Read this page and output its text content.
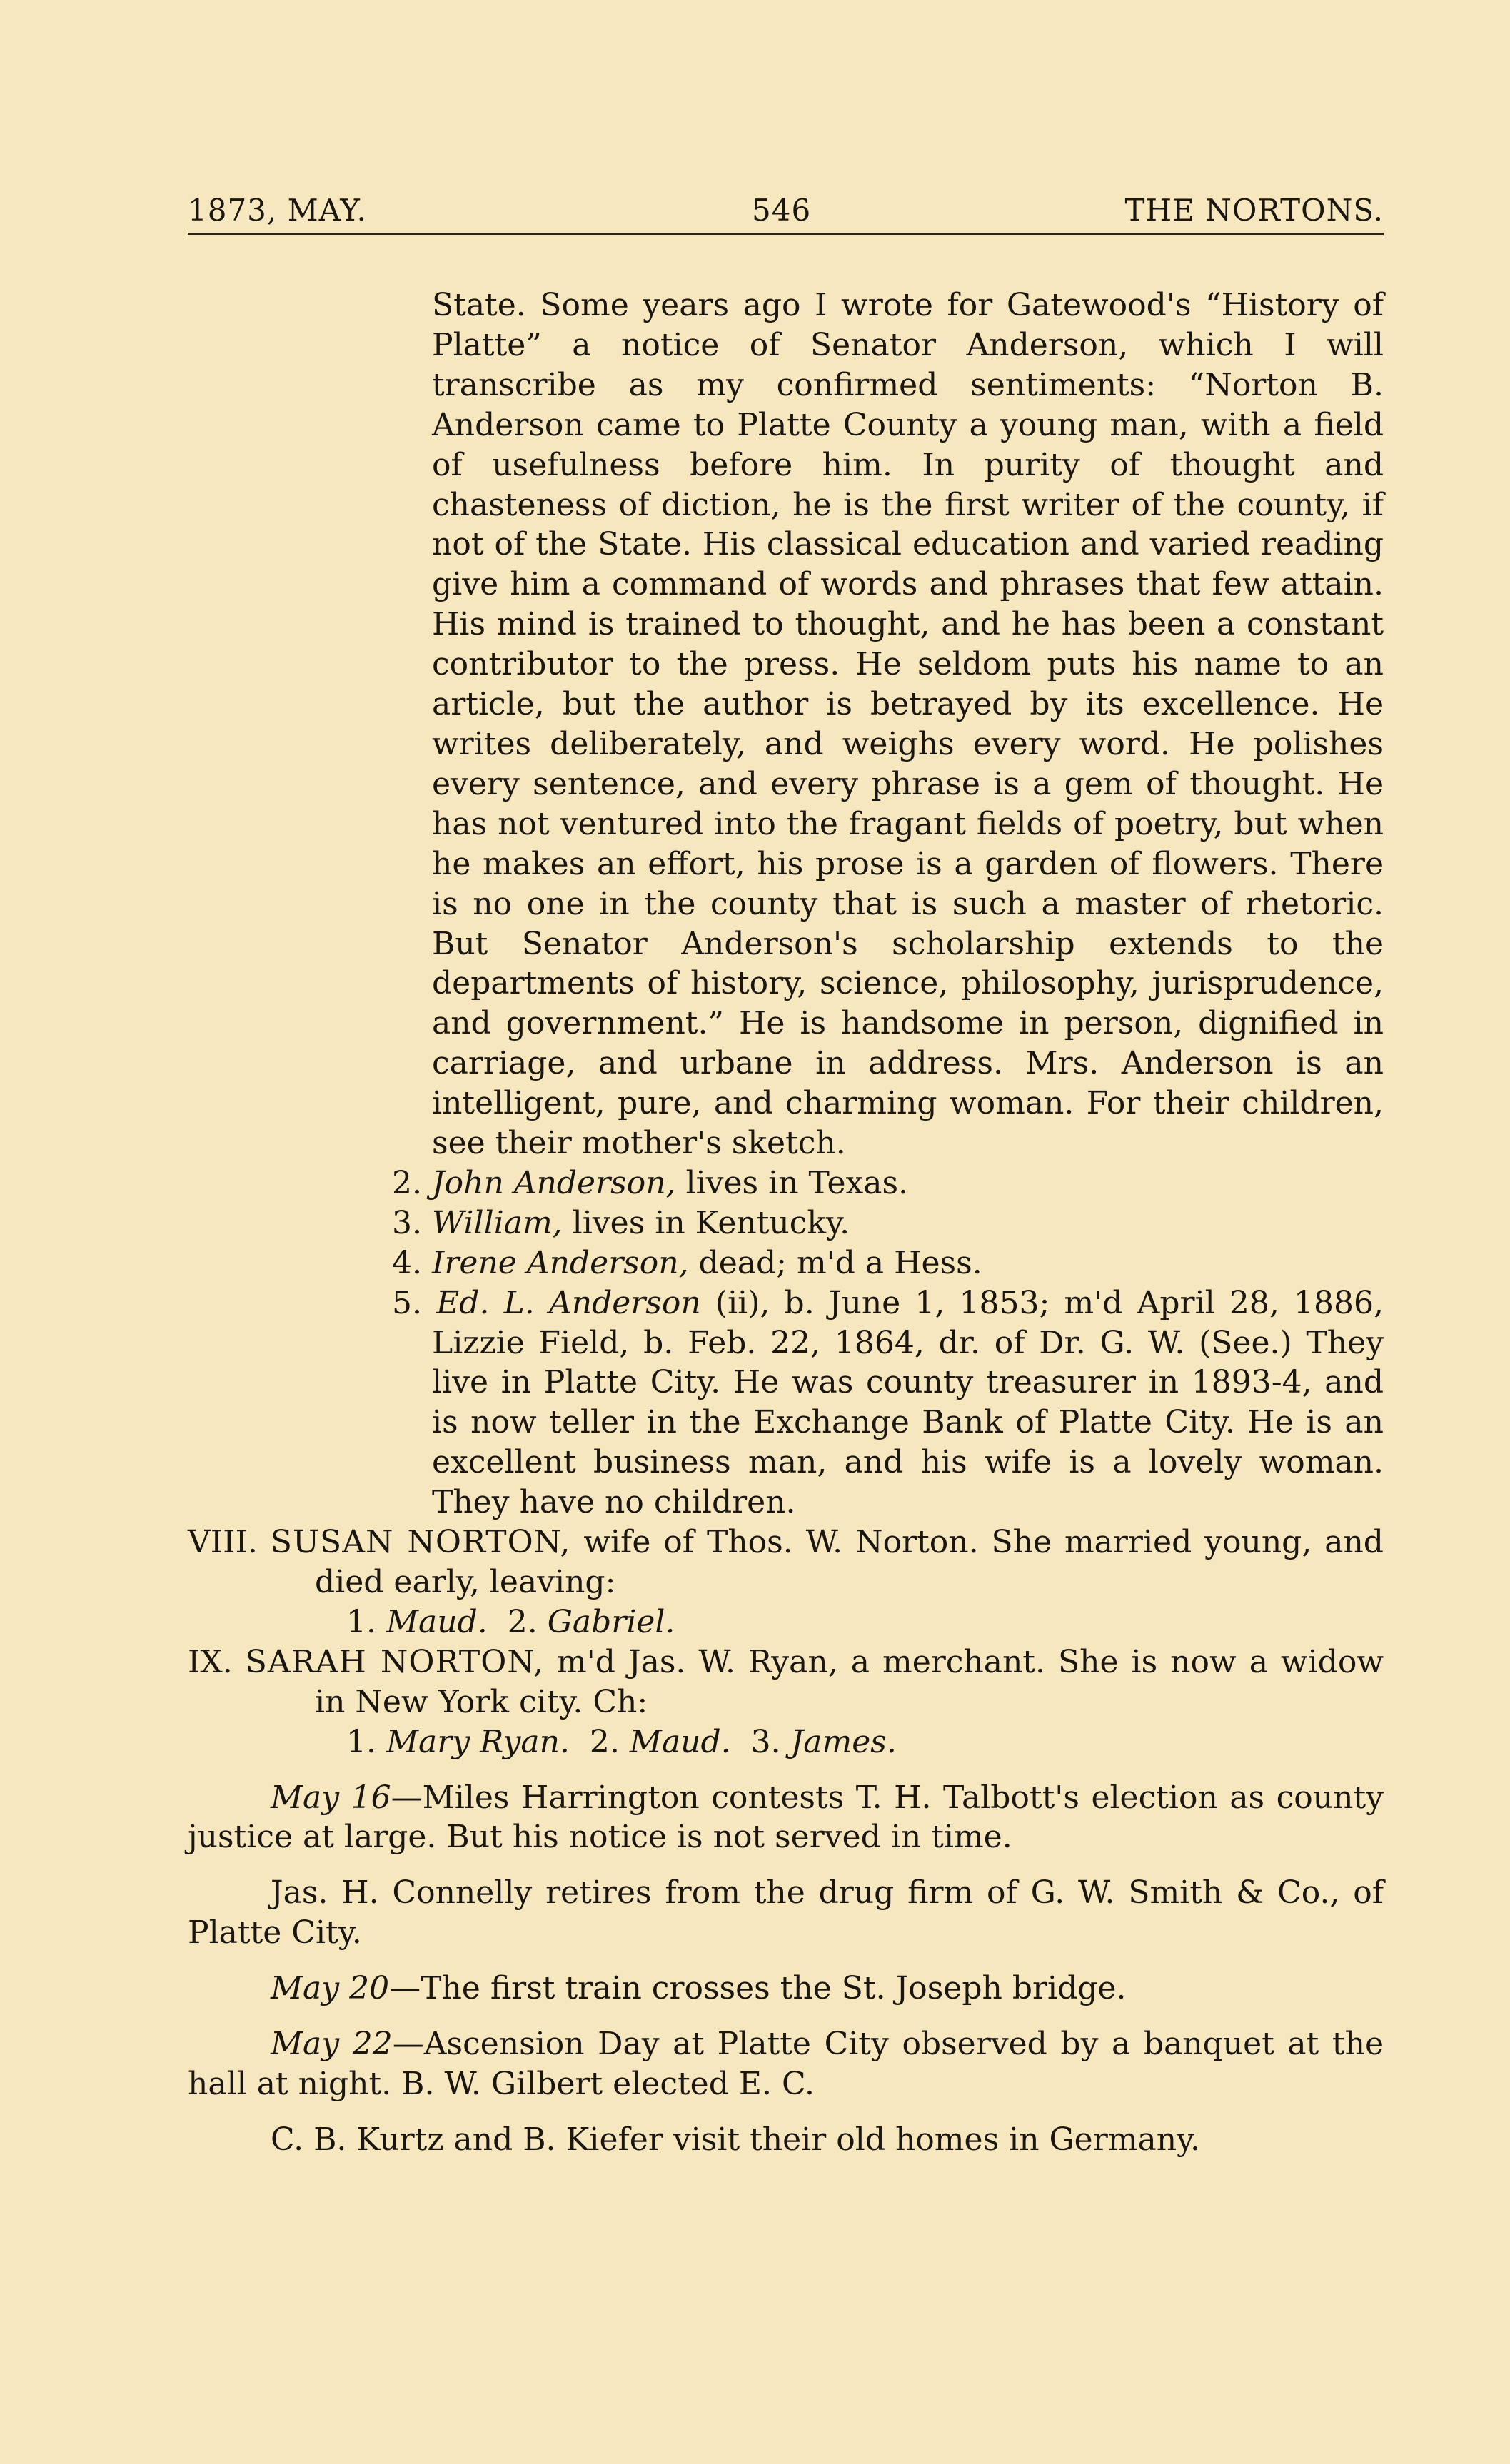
1873, MAY.	546	THE NORTONS.

State. Some years ago I wrote for Gatewood's “History of Platte” a notice of Senator Anderson, which I will transcribe as my confirmed sentiments: “Norton B. Anderson came to Platte County a young man, with a field of usefulness before him. In purity of thought and chasteness of diction, he is the first writer of the county, if not of the State. His classical education and varied reading give him a command of words and phrases that few attain. His mind is trained to thought, and he has been a constant contributor to the press. He seldom puts his name to an article, but the author is betrayed by its excellence. He writes deliberately, and weighs every word. He polishes every sentence, and every phrase is a gem of thought. He has not ventured into the fragant fields of poetry, but when he makes an effort, his prose is a garden of flowers. There is no one in the county that is such a master of rhetoric. But Senator Anderson's scholarship extends to the departments of history, science, philosophy, jurisprudence, and government.” He is handsome in person, dignified in carriage, and urbane in address. Mrs. Anderson is an intelligent, pure, and charming woman. For their children, see their mother's sketch.

2. John Anderson, lives in Texas.

3. William, lives in Kentucky.

4. Irene Anderson, dead; m'd a Hess.

5. Ed. L. Anderson (ii), b. June 1, 1853; m'd April 28, 1886, Lizzie Field, b. Feb. 22, 1864, dr. of Dr. G. W. (See.) They live in Platte City. He was county treasurer in 1893-4, and is now teller in the Exchange Bank of Platte City. He is an excellent business man, and his wife is a lovely woman. They have no children.

VIII. SUSAN NORTON, wife of Thos. W. Norton. She married young, and died early, leaving:

1. Maud. 2. Gabriel.

IX. SARAH NORTON, m'd Jas. W. Ryan, a merchant. She is now a widow in New York city. Ch:

1. Mary Ryan. 2. Maud. 3. James.

May 16—Miles Harrington contests T. H. Talbott's election as county justice at large. But his notice is not served in time.

Jas. H. Connelly retires from the drug firm of G. W. Smith & Co., of Platte City.

May 20—The first train crosses the St. Joseph bridge.

May 22—Ascension Day at Platte City observed by a banquet at the hall at night. B. W. Gilbert elected E. C.

C. B. Kurtz and B. Kiefer visit their old homes in Germany.
